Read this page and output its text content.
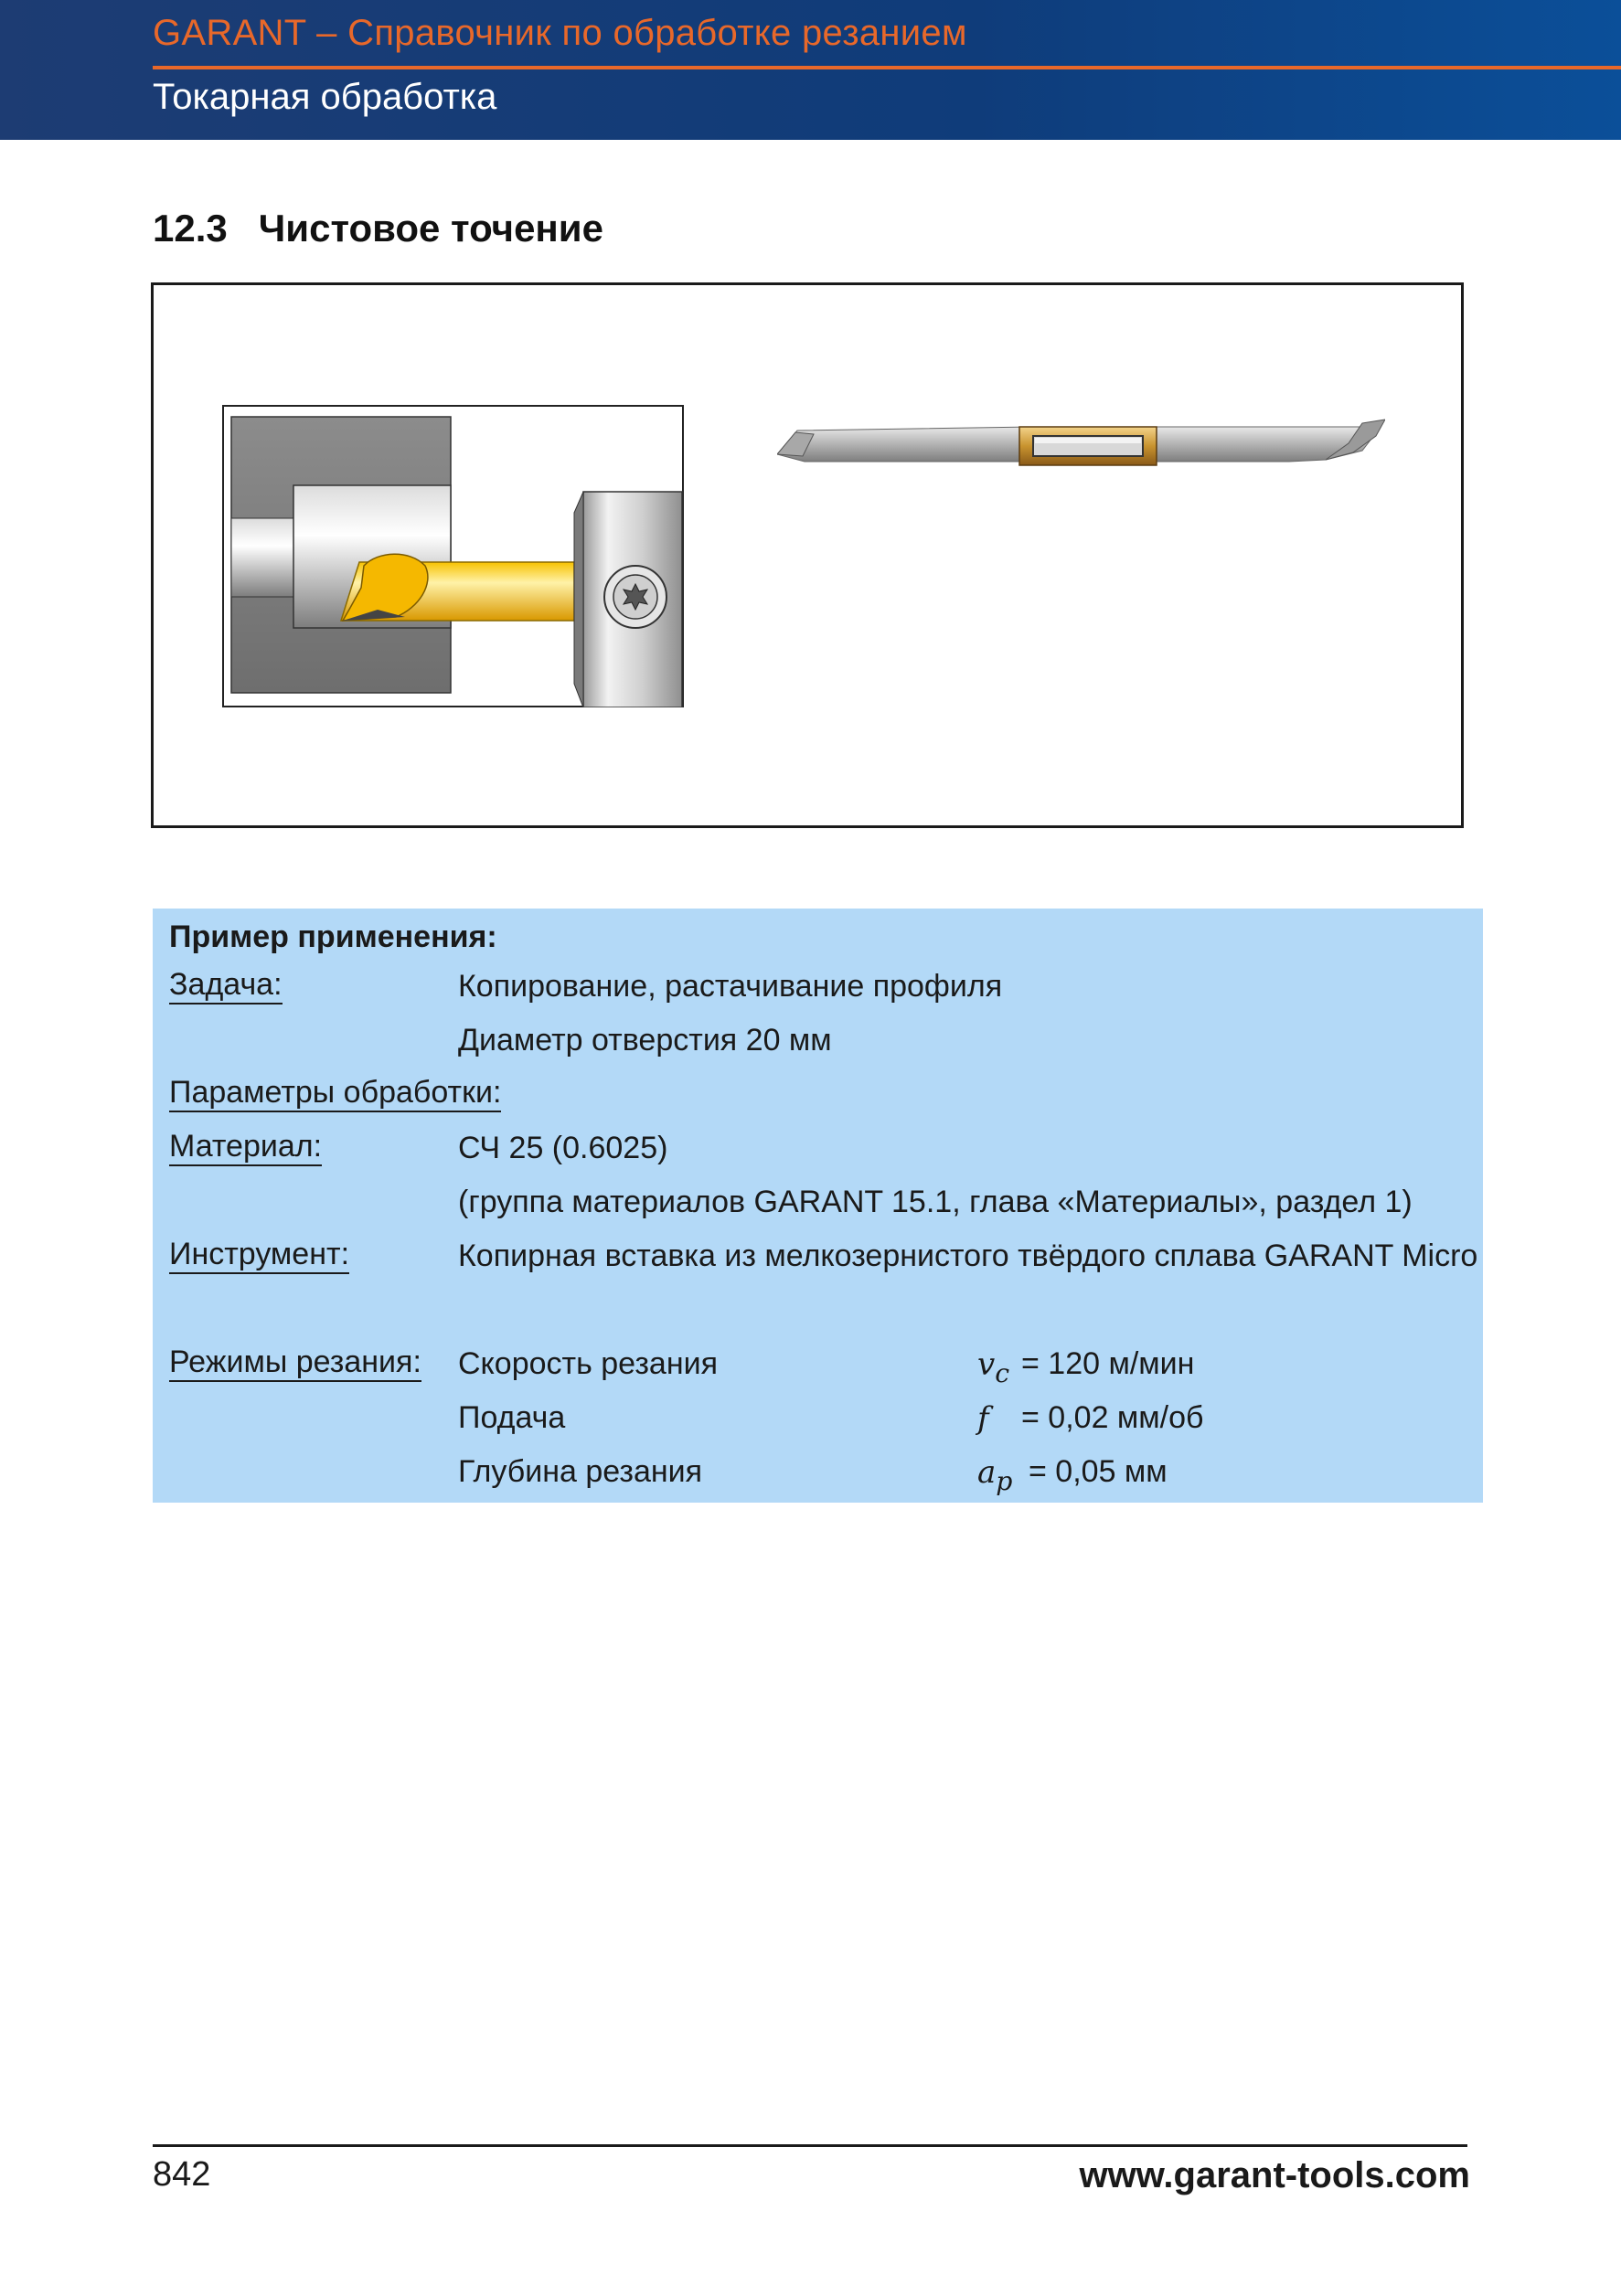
GARANT – Справочник по обработке резанием
Токарная обработка
12.3 Чистовое точение
Пример применения:
Задача:	Копирование, растачивание профиля
Диаметр отверстия 20 мм
Параметры обработки:
Материал:	СЧ 25 (0.6025)
(группа материалов GARANT 15.1, глава «Материалы», раздел 1)
Инструмент:	Копирная вставка из мелкозернистого твёрдого сплава GARANT Micro
Режимы резания: Скорость резания	$v_c = 120$ м/мин
Подача	f = 0,02 мм/об
Глубина резания	$a_p = 0,05$ мм
842	www.garant-tools.com
